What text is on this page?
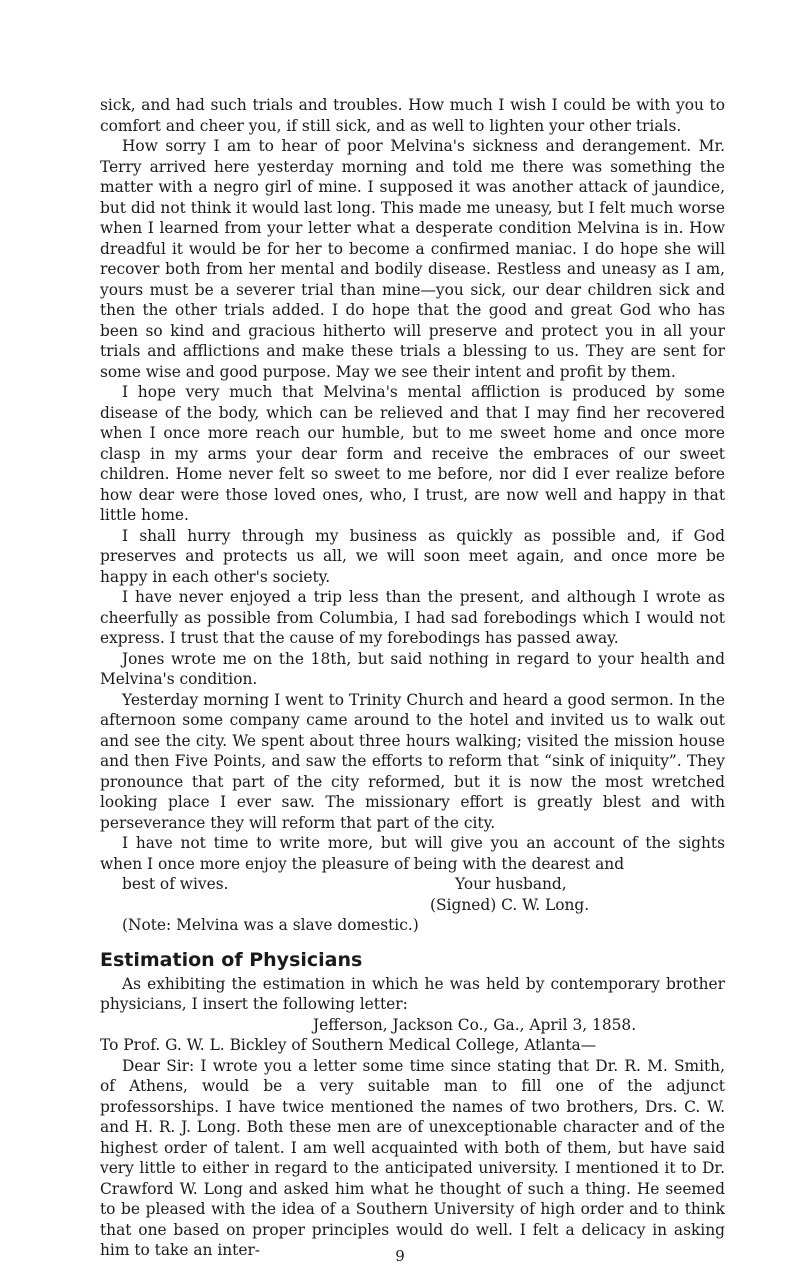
sick, and had such trials and troubles. How much I wish I could be with you to comfort and cheer you, if still sick, and as well to lighten your other trials.

How sorry I am to hear of poor Melvina's sickness and derangement. Mr. Terry arrived here yesterday morning and told me there was something the matter with a negro girl of mine. I supposed it was another attack of jaundice, but did not think it would last long. This made me uneasy, but I felt much worse when I learned from your letter what a desperate condition Melvina is in. How dreadful it would be for her to become a confirmed maniac. I do hope she will recover both from her mental and bodily disease. Restless and uneasy as I am, yours must be a severer trial than mine—you sick, our dear children sick and then the other trials added. I do hope that the good and great God who has been so kind and gracious hitherto will preserve and protect you in all your trials and afflictions and make these trials a blessing to us. They are sent for some wise and good purpose. May we see their intent and profit by them.

I hope very much that Melvina's mental affliction is produced by some disease of the body, which can be relieved and that I may find her recovered when I once more reach our humble, but to me sweet home and once more clasp in my arms your dear form and receive the embraces of our sweet children. Home never felt so sweet to me before, nor did I ever realize before how dear were those loved ones, who, I trust, are now well and happy in that little home.

I shall hurry through my business as quickly as possible and, if God preserves and protects us all, we will soon meet again, and once more be happy in each other's society.

I have never enjoyed a trip less than the present, and although I wrote as cheerfully as possible from Columbia, I had sad forebodings which I would not express. I trust that the cause of my forebodings has passed away.

Jones wrote me on the 18th, but said nothing in regard to your health and Melvina's condition.

Yesterday morning I went to Trinity Church and heard a good sermon. In the afternoon some company came around to the hotel and invited us to walk out and see the city. We spent about three hours walking; visited the mission house and then Five Points, and saw the efforts to reform that “sink of iniquity”. They pronounce that part of the city reformed, but it is now the most wretched looking place I ever saw. The missionary effort is greatly blest and with perseverance they will reform that part of the city.

I have not time to write more, but will give you an account of the sights when I once more enjoy the pleasure of being with the dearest and

best of wives.	Your husband,

(Signed) C. W. Long.

(Note: Melvina was a slave domestic.)

Estimation of Physicians

As exhibiting the estimation in which he was held by contemporary brother physicians, I insert the following letter:

Jefferson, Jackson Co., Ga., April 3, 1858.

To Prof. G. W. L. Bickley of Southern Medical College, Atlanta—

Dear Sir: I wrote you a letter some time since stating that Dr. R. M. Smith, of Athens, would be a very suitable man to fill one of the adjunct professorships. I have twice mentioned the names of two brothers, Drs. C. W. and H. R. J. Long. Both these men are of unexceptionable character and of the highest order of talent. I am well acquainted with both of them, but have said very little to either in regard to the anticipated university. I mentioned it to Dr. Crawford W. Long and asked him what he thought of such a thing. He seemed to be pleased with the idea of a Southern University of high order and to think that one based on proper principles would do well. I felt a delicacy in asking him to take an inter-	9
